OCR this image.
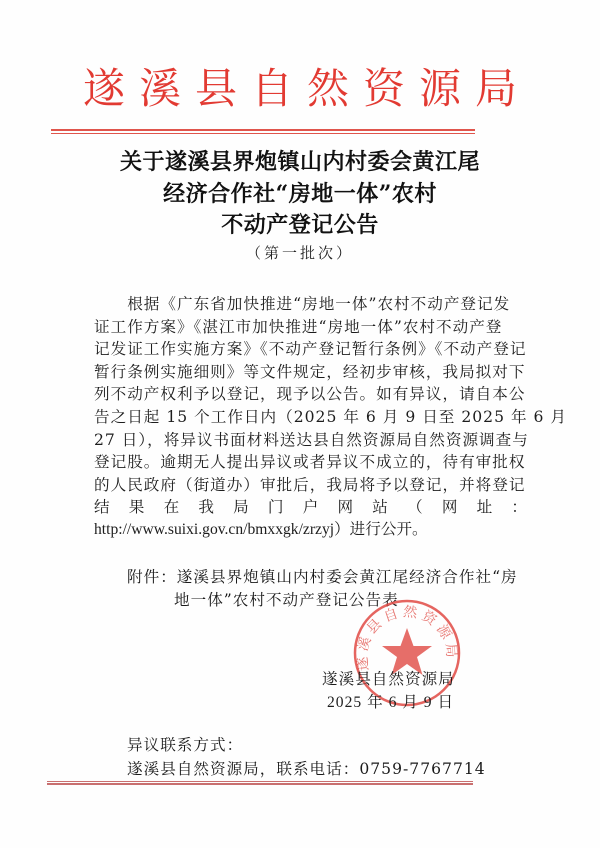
遂溪县自然资源局
关于遂溪县界炮镇山内村委会黄江尾
经济合作社“房地一体”农村
不动产登记公告
（第一批次）
　　根据《广东省加快推进“房地一体”农村不动产登记发
证工作方案》《湛江市加快推进“房地一体”农村不动产登
记发证工作实施方案》《不动产登记暂行条例》《不动产登记
暂行条例实施细则》等文件规定，经初步审核，我局拟对下
列不动产权利予以登记，现予以公告。如有异议，请自本公
告之日起 15 个工作日内（2025 年 6 月 9 日至 2025 年 6 月
27 日），将异议书面材料送达县自然资源局自然资源调查与
登记股。逾期无人提出异议或者异议不成立的，待有审批权
的人民政府（街道办）审批后，我局将予以登记，并将登记
结 果 在 我 局 门 户 网 站 （ 网 址 ：
http://www.suixi.gov.cn/bmxxgk/zrzyj）进行公开。
附件：遂溪县界炮镇山内村委会黄江尾经济合作社“房
地一体”农村不动产登记公告表
遂溪县自然资源局
遂溪县自然资源局
2025 年 6 月 9 日
异议联系方式：
遂溪县自然资源局，联系电话：0759-7767714
